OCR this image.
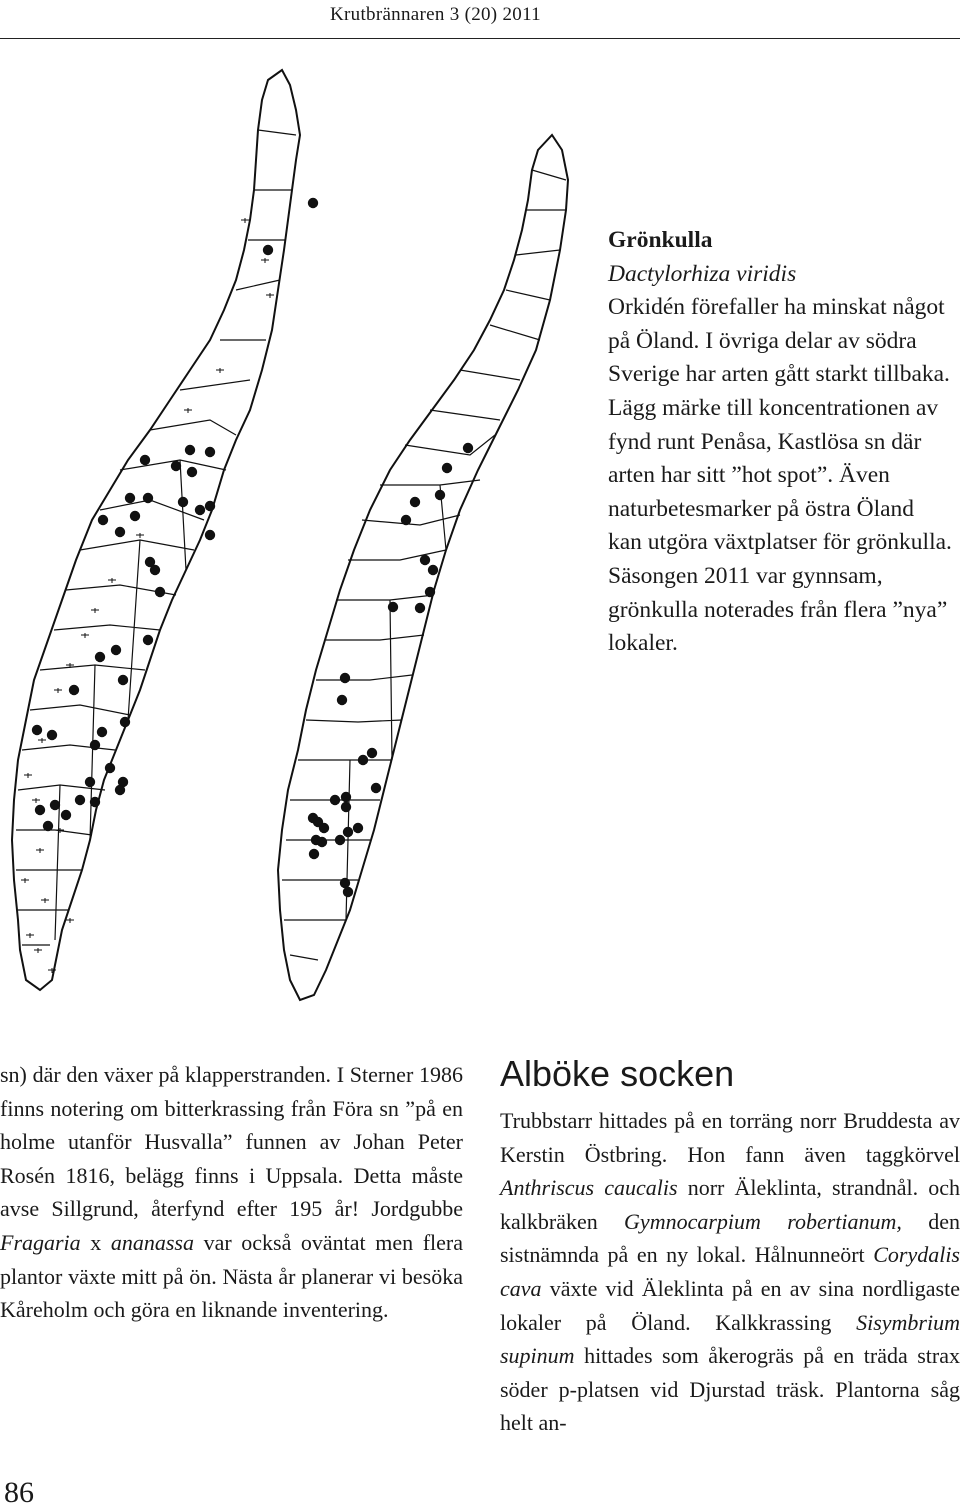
Krutbrännaren 3 (20) 2011
Grönkulla
Dactylorhiza viridis
Orkidén förefaller ha minskat något på Öland. I övriga delar av södra Sverige har arten gått starkt tillbaka. Lägg märke till koncentrationen av fynd runt Penåsa, Kastlösa sn där arten har sitt ”hot spot”. Även naturbetesmarker på östra Öland kan utgöra växtplatser för grönkulla. Säsongen 2011 var gynnsam, grönkulla noterades från flera ”nya” lokaler.

sn) där den växer på klapperstranden. I Sterner 1986 finns notering om bitterkrassing från Föra sn ”på en holme utanför Husvalla” funnen av Johan Peter Rosén 1816, belägg finns i Uppsala. Detta måste avse Sillgrund, återfynd efter 195 år! Jordgubbe Fragaria x ananassa var också oväntat men flera plantor växte mitt på ön. Nästa år planerar vi besöka Kåreholm och göra en liknande inventering.

Alböke socken

Trubbstarr hittades på en torräng norr Bruddesta av Kerstin Östbring. Hon fann även taggkörvel Anthriscus caucalis norr Äleklinta, strandnål. och kalkbräken Gymnocarpium robertianum, den sistnämnda på en ny lokal. Hålnunneört Corydalis cava växte vid Äleklinta på en av sina nordligaste lokaler på Öland. Kalkkrassing Sisymbrium supinum hittades som åkerogräs på en träda strax söder p-platsen vid Djurstad träsk. Plantorna såg helt an-

86
